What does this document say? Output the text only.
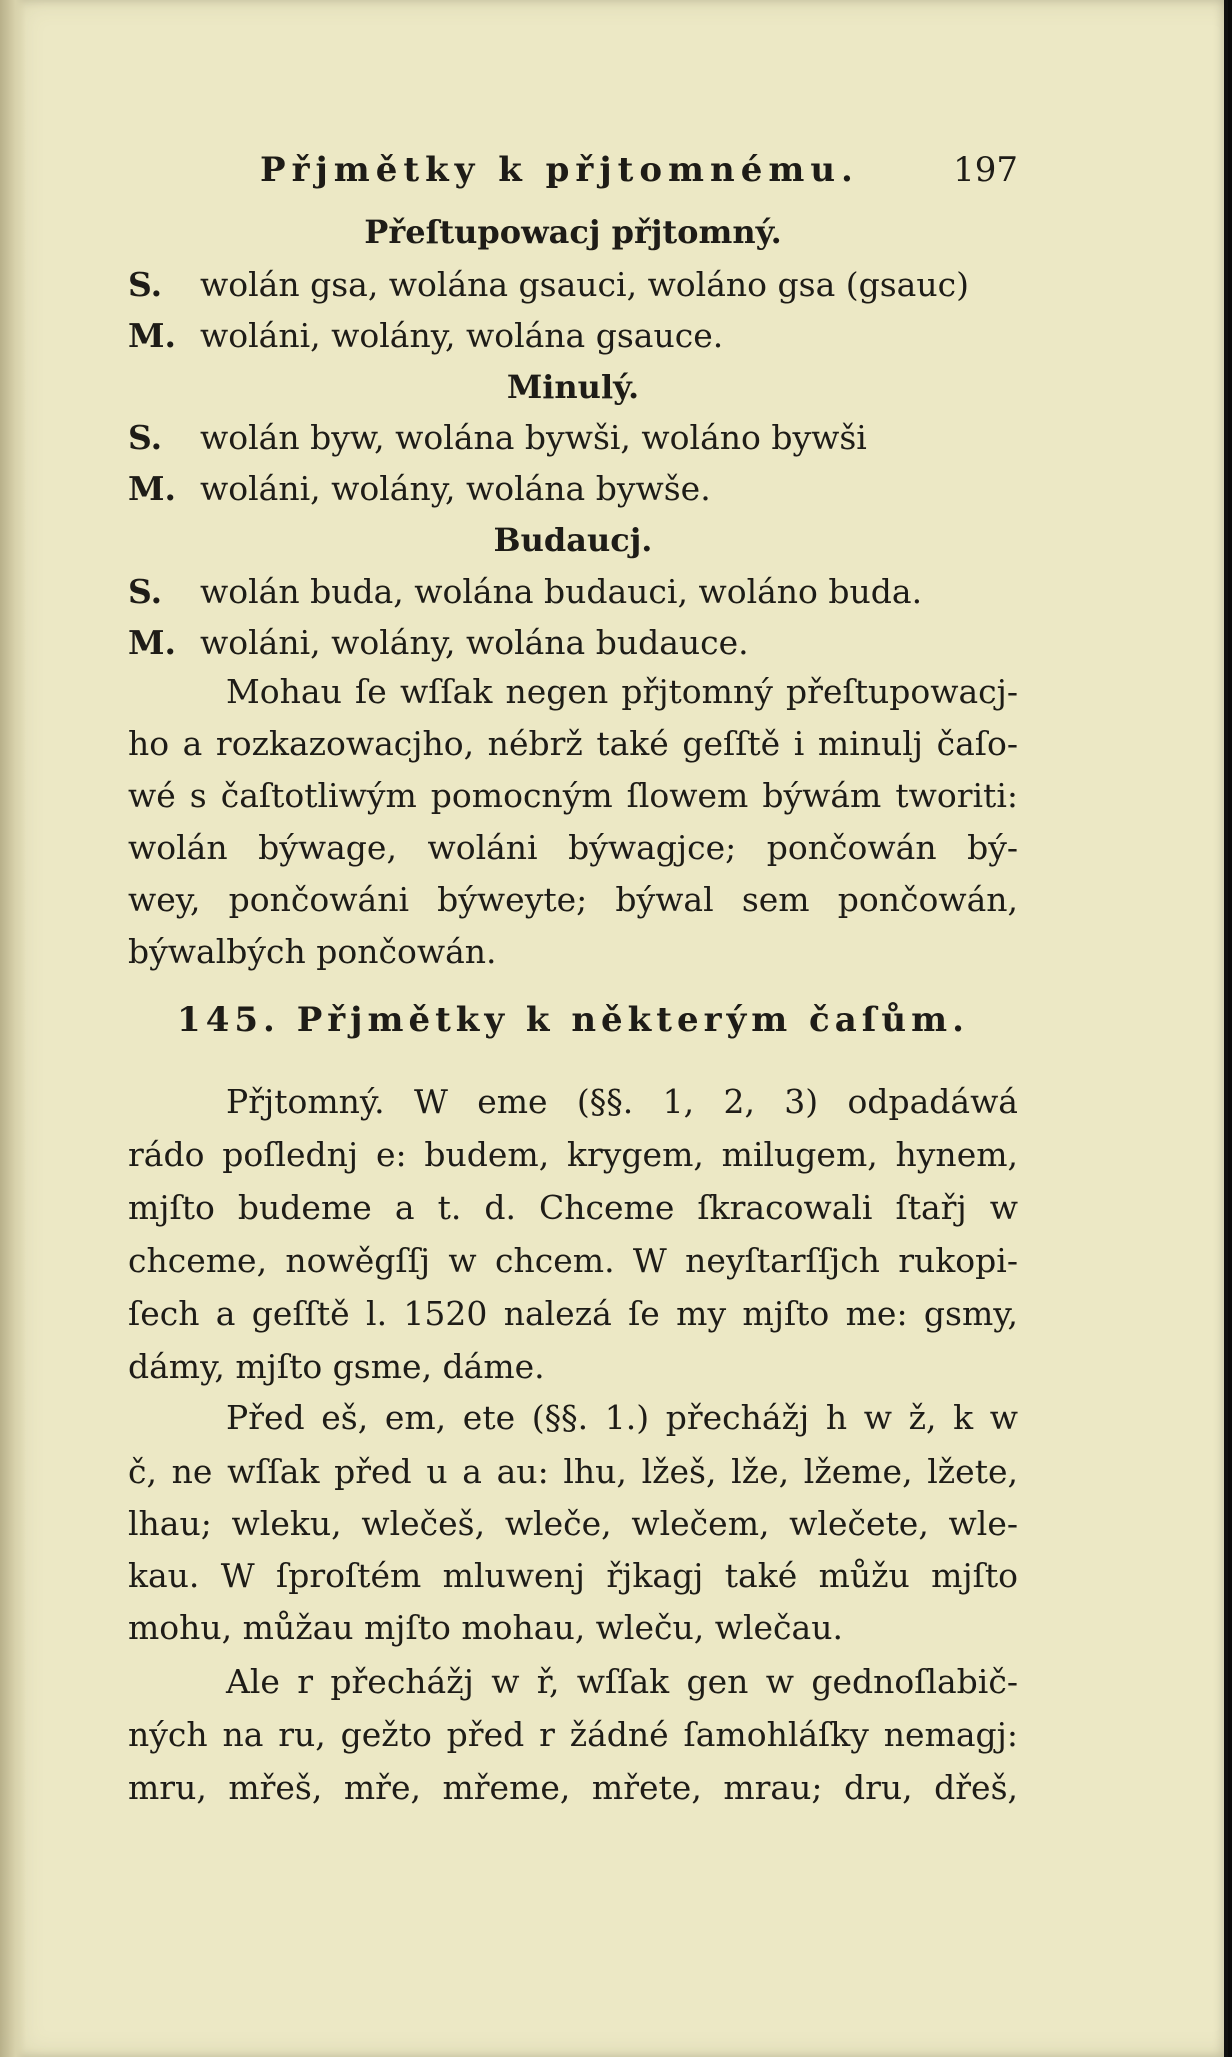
Přjmětky k přjtomnému.	197
Přeſtupowacj přjtomný.
S. wolán gsa, wolána gsauci, woláno gsa (gsauc)
M. woláni, wolány, wolána gsauce.
Minulý.
S. wolán byw, wolána bywši, woláno bywši
M. woláni, wolány, wolána bywše.
Budaucj.
S. wolán buda, wolána budauci, woláno buda.
M. woláni, wolány, wolána budauce.
Mohau ſe wſſak negen přjtomný přeſtupowacj-
ho a rozkazowacjho, nébrž také geſſtě i minulj čaſo-
wé s čaſtotliwým pomocným ſlowem býwám tworiti:
wolán býwage, woláni býwagjce; pončowán bý-
wey, pončowáni býweyte; býwal sem pončowán,
býwalbých pončowán.
145. Přjmětky k některým čaſům.
Přjtomný. W eme (§§. 1, 2, 3) odpadáwá
rádo poſlednj e: budem, krygem, milugem, hynem,
mjſto budeme a t. d. Chceme ſkracowali ſtařj w
chceme, nowěgſſj w chcem. W neyſtarſſjch rukopi-
ſech a geſſtě l. 1520 nalezá ſe my mjſto me: gsmy,
dámy, mjſto gsme, dáme.
Před eš, em, ete (§§. 1.) přechážj h w ž, k w
č, ne wſſak před u a au: lhu, lžeš, lže, lžeme, lžete,
lhau; wleku, wlečeš, wleče, wlečem, wlečete, wle-
kau. W ſproſtém mluwenj řjkagj také můžu mjſto
mohu, můžau mjſto mohau, wleču, wlečau.
Ale r přechážj w ř, wſſak gen w gednoſlabič-
ných na ru, gežto před r žádné ſamohláſky nemagj:
mru, mřeš, mře, mřeme, mřete, mrau; dru, dřeš,
